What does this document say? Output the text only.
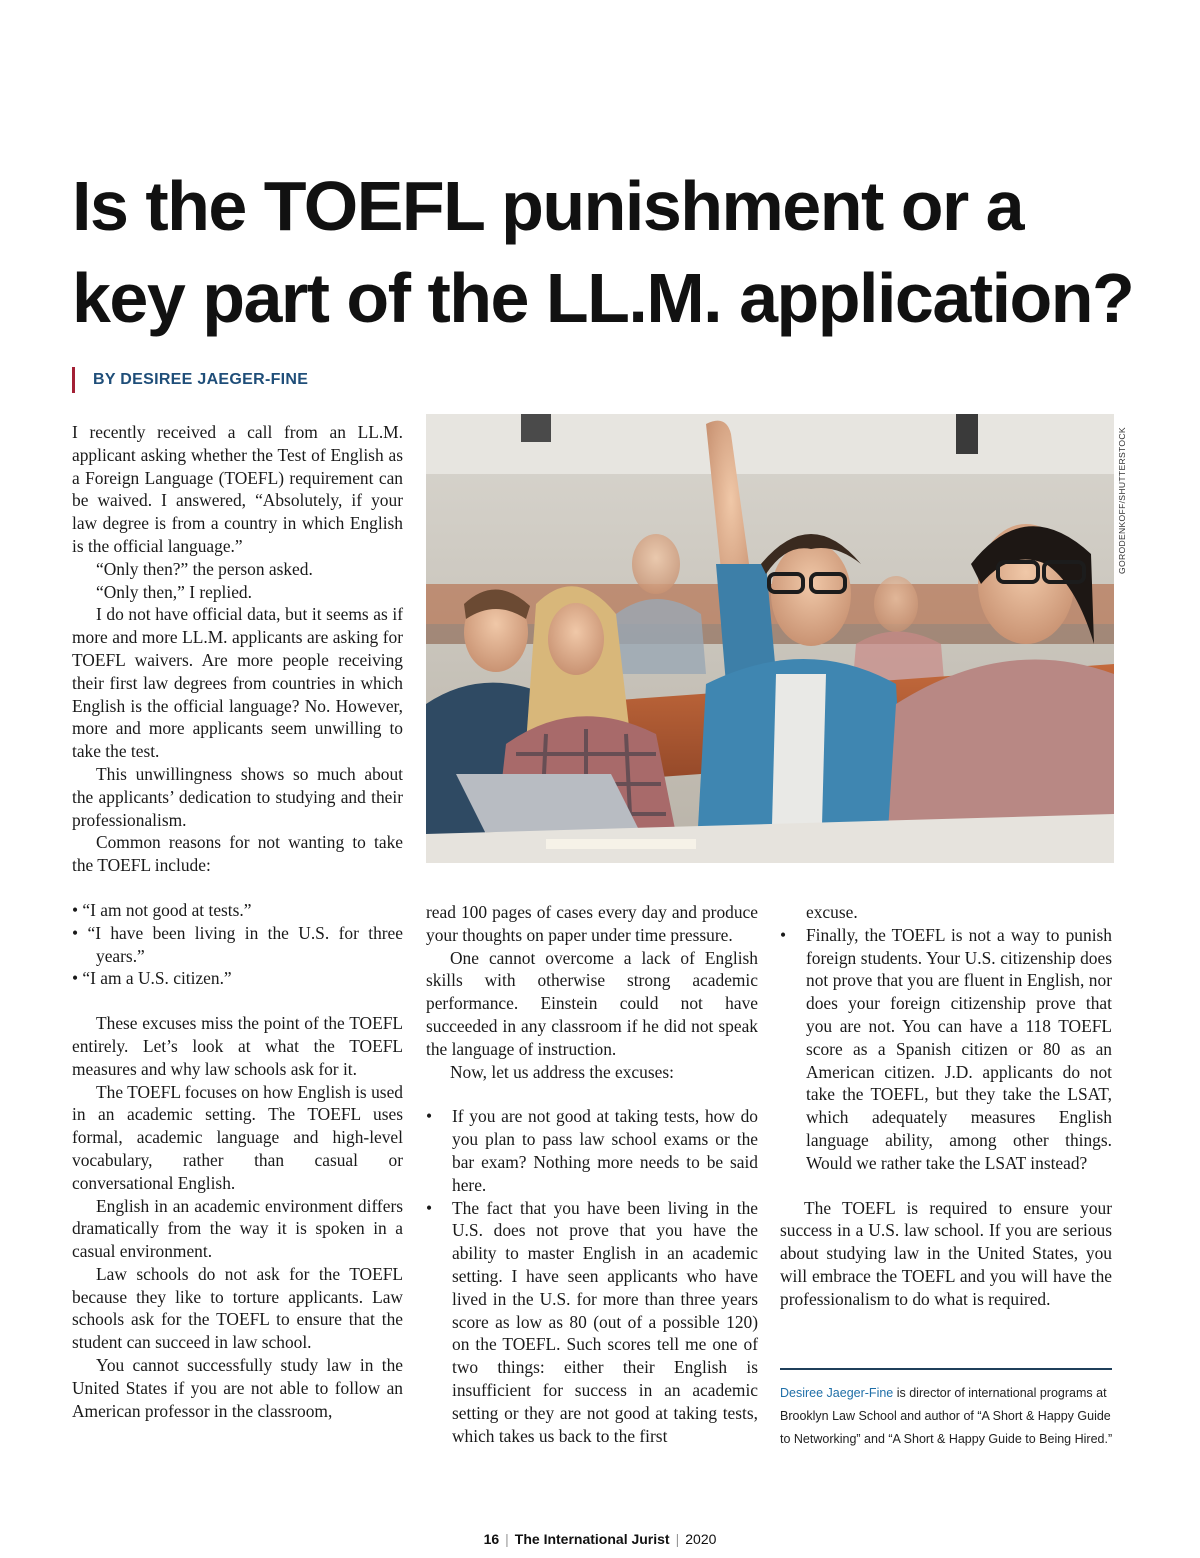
Is the TOEFL punishment or a key part of the LL.M. application?
BY DESIREE JAEGER-FINE
GORODENKOFF/SHUTTERSTOCK

I recently received a call from an LL.M. applicant asking whether the Test of English as a Foreign Language (TOEFL) requirement can be waived. I answered, “Absolutely, if your law degree is from a country in which English is the official language.”

“Only then?” the person asked.

“Only then,” I replied.

I do not have official data, but it seems as if more and more LL.M. applicants are asking for TOEFL waivers. Are more people receiving their first law degrees from countries in which English is the official language? No. However, more and more applicants seem unwilling to take the test.

This unwillingness shows so much about the applicants’ dedication to studying and their professionalism.

Common reasons for not wanting to take the TOEFL include:

• “I am not good at tests.”
• “I have been living in the U.S. for three years.”
• “I am a U.S. citizen.”

These excuses miss the point of the TOEFL entirely. Let’s look at what the TOEFL measures and why law schools ask for it.

The TOEFL focuses on how English is used in an academic setting. The TOEFL uses formal, academic language and high-level vocabulary, rather than casual or conversational English.

English in an academic environment differs dramatically from the way it is spoken in a casual environment.

Law schools do not ask for the TOEFL because they like to torture applicants. Law schools ask for the TOEFL to ensure that the student can succeed in law school.

You cannot successfully study law in the United States if you are not able to follow an American professor in the classroom,

read 100 pages of cases every day and produce your thoughts on paper under time pressure.

One cannot overcome a lack of English skills with otherwise strong academic performance. Einstein could not have succeeded in any classroom if he did not speak the language of instruction.

Now, let us address the excuses:

• If you are not good at taking tests, how do you plan to pass law school exams or the bar exam? Nothing more needs to be said here.
• The fact that you have been living in the U.S. does not prove that you have the ability to master English in an academic setting. I have seen applicants who have lived in the U.S. for more than three years score as low as 80 (out of a possible 120) on the TOEFL. Such scores tell me one of two things: either their English is insufficient for success in an academic setting or they are not good at taking tests, which takes us back to the first
excuse.
• Finally, the TOEFL is not a way to punish foreign students. Your U.S. citizenship does not prove that you are fluent in English, nor does your foreign citizenship prove that you are not. You can have a 118 TOEFL score as a Spanish citizen or 80 as an American citizen. J.D. applicants do not take the TOEFL, but they take the LSAT, which adequately measures English language ability, among other things. Would we rather take the LSAT instead?

The TOEFL is required to ensure your success in a U.S. law school. If you are serious about studying law in the United States, you will embrace the TOEFL and you will have the professionalism to do what is required.

Desiree Jaeger-Fine is director of international programs at Brooklyn Law School and author of “A Short & Happy Guide to Networking” and “A Short & Happy Guide to Being Hired.”
16 | The International Jurist | 2020
